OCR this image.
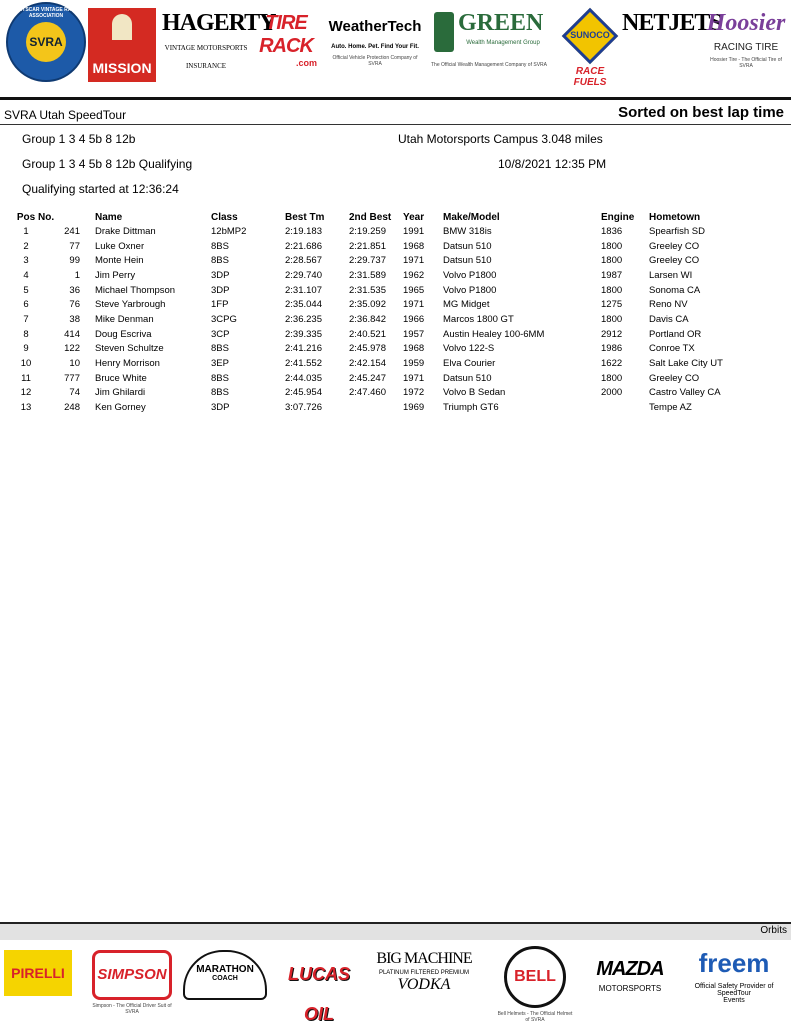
SPORTSCAR VINTAGE RACING ASSOCIATION
SVRA
MISSION
HAGERTY
VINTAGE MOTORSPORTS INSURANCE
TIRE RACK
.com
WeatherTech
Auto. Home. Pet. Find Your Fit.
Official Vehicle Protection Company of SVRA
GREEN
Wealth Management Group
The Official Wealth Management Company of SVRA
SUNOCO
RACE FUELS
NETJETS
Hoosier
RACING TIRE
Hoosier Tire - The Official Tire of SVRA
SVRA Utah SpeedTour	Sorted on best lap time
Group 1 3 4 5b 8 12b	Utah Motorsports Campus 3.048 miles
Group 1 3 4 5b 8 12b Qualifying	10/8/2021 12:35 PM
Qualifying started at 12:36:24
Pos	No.	Name	Class	Best Tm	2nd Best	Year	Make/Model	Engine	Hometown
1	241	Drake Dittman	12bMP2	2:19.183	2:19.259	1991	BMW 318is	1836	Spearfish SD
2	77	Luke Oxner	8BS	2:21.686	2:21.851	1968	Datsun 510	1800	Greeley CO
3	99	Monte Hein	8BS	2:28.567	2:29.737	1971	Datsun 510	1800	Greeley CO
4	1	Jim Perry	3DP	2:29.740	2:31.589	1962	Volvo P1800	1987	Larsen WI
5	36	Michael Thompson	3DP	2:31.107	2:31.535	1965	Volvo P1800	1800	Sonoma CA
6	76	Steve Yarbrough	1FP	2:35.044	2:35.092	1971	MG Midget	1275	Reno NV
7	38	Mike Denman	3CPG	2:36.235	2:36.842	1966	Marcos 1800 GT	1800	Davis CA
8	414	Doug Escriva	3CP	2:39.335	2:40.521	1957	Austin Healey 100-6MM	2912	Portland OR
9	122	Steven Schultze	8BS	2:41.216	2:45.978	1968	Volvo 122-S	1986	Conroe TX
10	10	Henry Morrison	3EP	2:41.552	2:42.154	1959	Elva Courier	1622	Salt Lake City UT
11	777	Bruce White	8BS	2:44.035	2:45.247	1971	Datsun 510	1800	Greeley CO
12	74	Jim Ghilardi	8BS	2:45.954	2:47.460	1972	Volvo B Sedan	2000	Castro Valley CA
13	248	Ken Gorney	3DP	3:07.726		1969	Triumph GT6		Tempe AZ
Orbits
PIRELLI	SIMPSON
Simpson - The Official Driver Suit of SVRA
MARATHON
COACH	LUCAS OIL
BIG MACHINE
PLATINUM FILTERED PREMIUM
VODKA	BELL
Bell Helmets - The Official Helmet of SVRA
MAZDA
MOTORSPORTS
freem
Official Safety Provider of SpeedTour
Events
